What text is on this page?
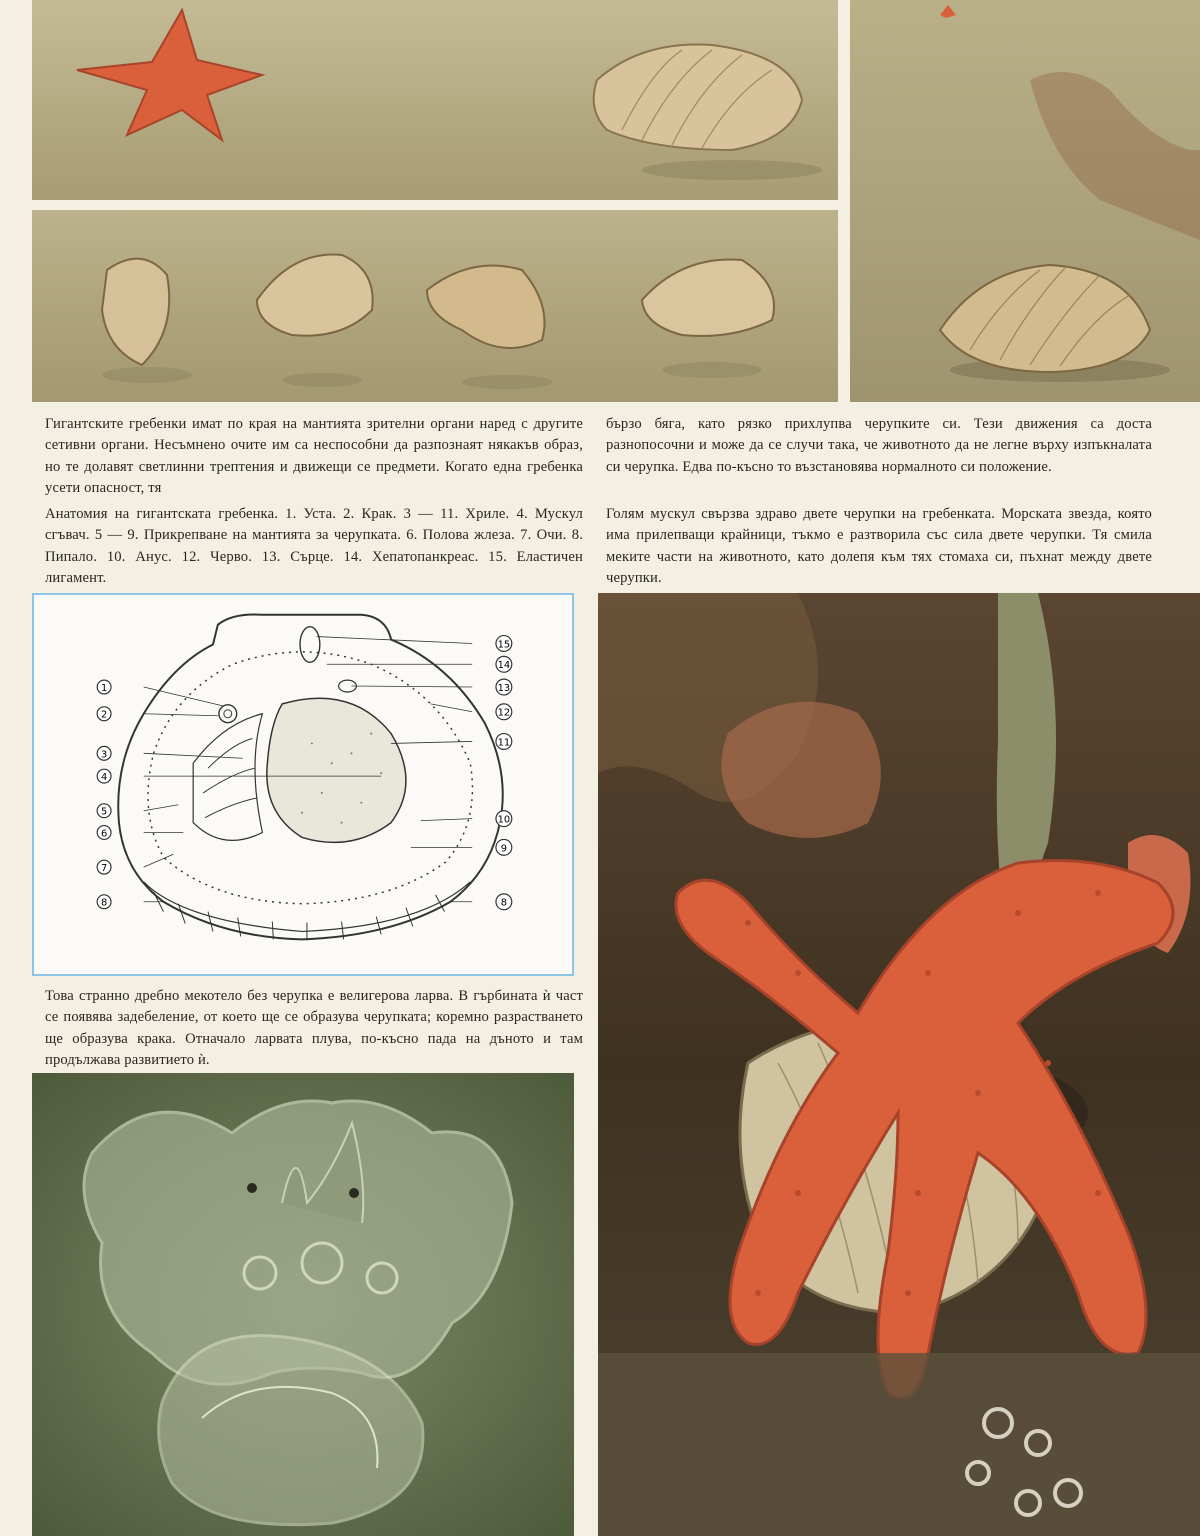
Гигантските гребенки имат по края на мантията зрителни органи наред с другите сетивни органи. Несъмнено очите им са неспособни да разпознаят някакъв образ, но те долавят светлинни трептения и движещи се предмети. Когато една гребенка усети опасност, тя
бързо бяга, като рязко прихлупва черупките си. Тези движения са доста разнопосочни и може да се случи така, че животното да не легне върху изпъкналата си черупка. Едва по-късно то възстановява нормалното си положение.
Анатомия на гигантската гребенка. 1. Уста. 2. Крак. 3 — 11. Хриле. 4. Мускул сгъвач. 5 — 9. Прикрепване на мантията за черупката. 6. Полова жлеза. 7. Очи. 8. Пипало. 10. Анус. 12. Черво. 13. Сърце. 14. Хепатопанкреас. 15. Еластичен лигамент.
Голям мускул свързва здраво двете черупки на гребенката. Морската звезда, която има прилепващи крайници, тъкмо е разтворила със сила двете черупки. Тя смила меките части на животното, като долепя към тях стомаха си, пъхнат между двете черупки.
1
2
3
4
5
6
7
8
15
14
13
12
11
10
9
8
Това странно дребно мекотело без черупка е велигерова ларва. В гърбината ѝ част се появява задебеление, от което ще се образува черупката; коремно разрастването ще образува крака. Отначало ларвата плува, по-късно пада на дъното и там продължава развитието ѝ.
